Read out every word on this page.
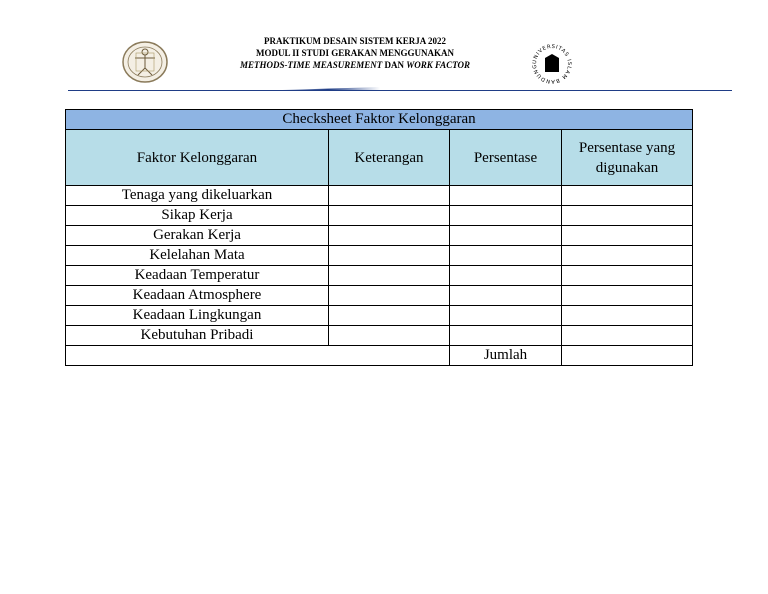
PRAKTIKUM DESAIN SISTEM KERJA 2022
MODUL II STUDI GERAKAN MENGGUNAKAN
METHODS-TIME MEASUREMENT DAN WORK FACTOR	UNIVERSITAS ISLAM BANDUNG
Checksheet Faktor Kelonggaran			
Faktor Kelonggaran	Keterangan	Persentase	Persentase yang digunakan
Tenaga yang dikeluarkan			
Sikap Kerja			
Gerakan Kerja			
Kelelahan Mata			
Keadaan Temperatur			
Keadaan Atmosphere			
Keadaan Lingkungan			
Kebutuhan Pribadi			
		Jumlah	
